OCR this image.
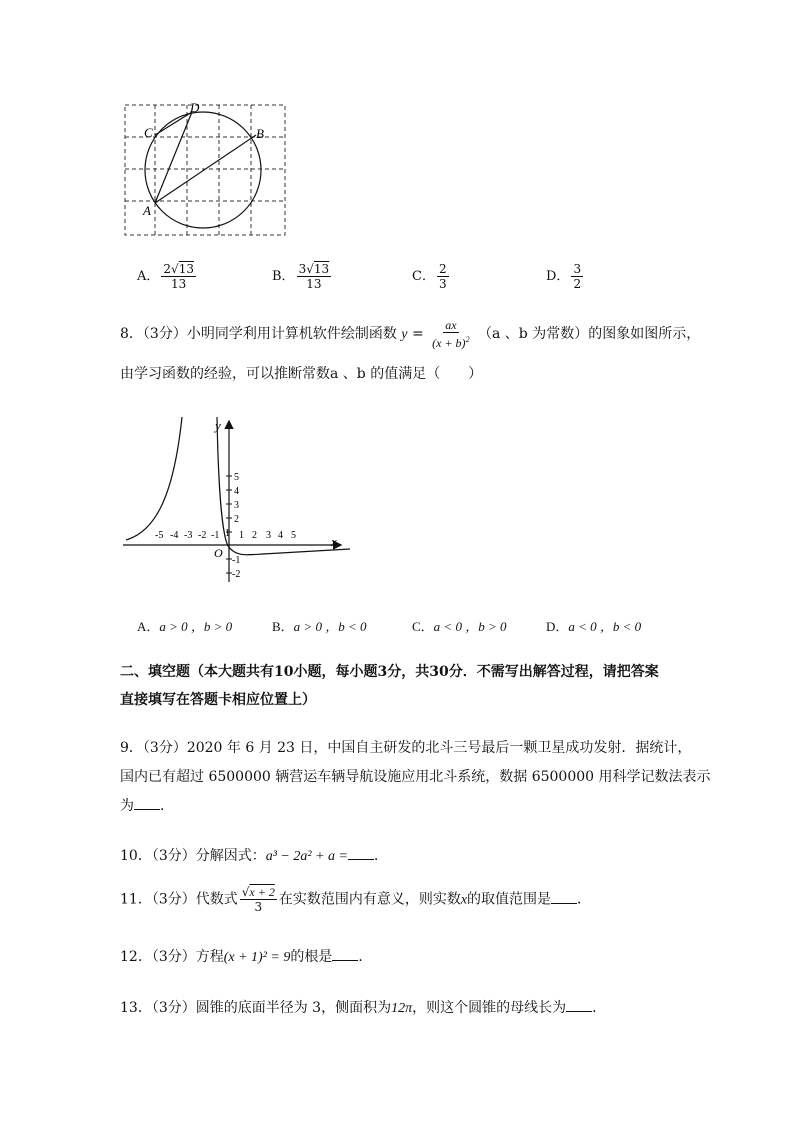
A
B
C
D
A． $\frac{2√13}{13}$	B． $\frac{3√13}{13}$	C． $\frac{2}{3}$	D． $\frac{3}{2}$
8．（3分）小明同学利用计算机软件绘制函数 $y = \frac{ax}{(x + b)^2} (a$ 、b 为常数）的图象如图所示，
由学习函数的经验，可以推断常数a 、b 的值满足（　　）
x
y
O
-5 -4 -3 -2 -1 1 2 3 4 5
5
4
3
2
1
-1
-2
A．a > 0 ，b > 0	B．a > 0 ，b < 0	C．a < 0 ，b > 0	D．a < 0 ，b < 0
二、填空题（本大题共有10小题，每小题3分，共30分．不需写出解答过程，请把答案
直接填写在答题卡相应位置上）
9．（3分）2020 年 6 月 23 日，中国自主研发的北斗三号最后一颗卫星成功发射．据统计，
国内已有超过 6500000 辆营运车辆导航设施应用北斗系统，数据 6500000 用科学记数法表示
为 ．
10．（3分）分解因式：a³ − 2a² + a = ．
11．（3分）代数式 $\frac{√x + 2}{3}$ 在实数范围内有意义，则实数x的取值范围是 ．
12．（3分）方程(x + 1)² = 9的根是 ．
13．（3分）圆锥的底面半径为 3，侧面积为12π，则这个圆锥的母线长为 ．
